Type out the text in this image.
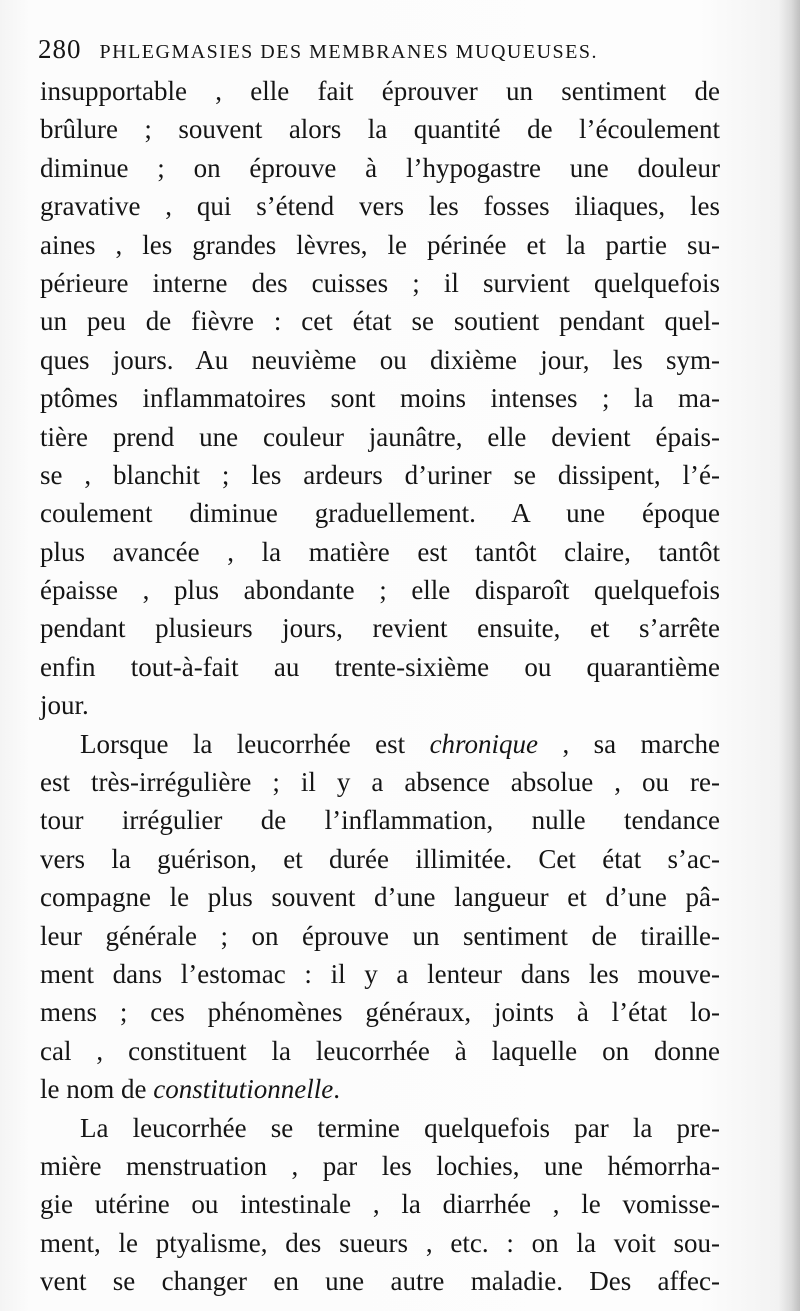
280 PHLEGMASIES DES MEMBRANES MUQUEUSES.
insupportable , elle fait éprouver un sentiment de
brûlure ; souvent alors la quantité de l’écoulement
diminue ; on éprouve à l’hypogastre une douleur
gravative , qui s’étend vers les fosses iliaques, les
aines , les grandes lèvres, le périnée et la partie su-
périeure interne des cuisses ; il survient quelquefois
un peu de fièvre : cet état se soutient pendant quel-
ques jours. Au neuvième ou dixième jour, les sym-
ptômes inflammatoires sont moins intenses ; la ma-
tière prend une couleur jaunâtre, elle devient épais-
se , blanchit ; les ardeurs d’uriner se dissipent, l’é-
coulement diminue graduellement. A une époque
plus avancée , la matière est tantôt claire, tantôt
épaisse , plus abondante ; elle disparoît quelquefois
pendant plusieurs jours, revient ensuite, et s’arrête
enfin tout-à-fait au trente-sixième ou quarantième
jour.
Lorsque la leucorrhée est chronique , sa marche
est très-irrégulière ; il y a absence absolue , ou re-
tour irrégulier de l’inflammation, nulle tendance
vers la guérison, et durée illimitée. Cet état s’ac-
compagne le plus souvent d’une langueur et d’une pâ-
leur générale ; on éprouve un sentiment de tiraille-
ment dans l’estomac : il y a lenteur dans les mouve-
mens ; ces phénomènes généraux, joints à l’état lo-
cal , constituent la leucorrhée à laquelle on donne
le nom de constitutionnelle.
La leucorrhée se termine quelquefois par la pre-
mière menstruation , par les lochies, une hémorrha-
gie utérine ou intestinale , la diarrhée , le vomisse-
ment, le ptyalisme, des sueurs , etc. : on la voit sou-
vent se changer en une autre maladie. Des affec-
